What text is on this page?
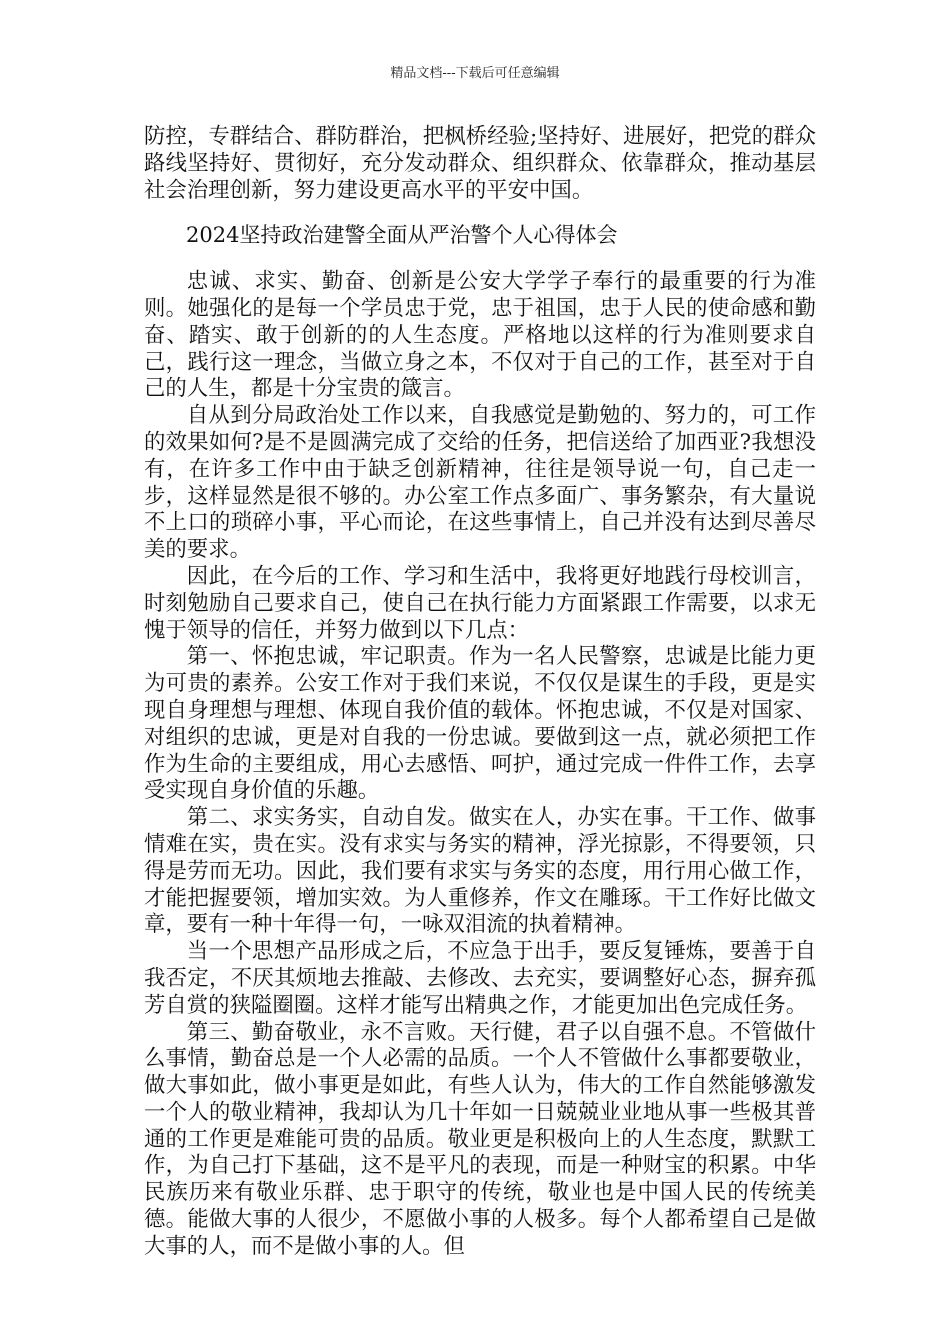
精品文档---下载后可任意编辑

防控，专群结合、群防群治，把枫桥经验;坚持好、进展好，把党的群众路线坚持好、贯彻好，充分发动群众、组织群众、依靠群众，推动基层社会治理创新，努力建设更高水平的平安中国。

2024坚持政治建警全面从严治警个人心得体会

忠诚、求实、勤奋、创新是公安大学学子奉行的最重要的行为准则。她强化的是每一个学员忠于党，忠于祖国，忠于人民的使命感和勤奋、踏实、敢于创新的的人生态度。严格地以这样的行为准则要求自己，践行这一理念，当做立身之本，不仅对于自己的工作，甚至对于自己的人生，都是十分宝贵的箴言。

自从到分局政治处工作以来，自我感觉是勤勉的、努力的，可工作的效果如何?是不是圆满完成了交给的任务，把信送给了加西亚?我想没有，在许多工作中由于缺乏创新精神，往往是领导说一句，自己走一步，这样显然是很不够的。办公室工作点多面广、事务繁杂，有大量说不上口的琐碎小事，平心而论，在这些事情上，自己并没有达到尽善尽美的要求。

因此，在今后的工作、学习和生活中，我将更好地践行母校训言，时刻勉励自己要求自己，使自己在执行能力方面紧跟工作需要，以求无愧于领导的信任，并努力做到以下几点：

第一、怀抱忠诚，牢记职责。作为一名人民警察，忠诚是比能力更为可贵的素养。公安工作对于我们来说，不仅仅是谋生的手段，更是实现自身理想与理想、体现自我价值的载体。怀抱忠诚，不仅是对国家、对组织的忠诚，更是对自我的一份忠诚。要做到这一点，就必须把工作作为生命的主要组成，用心去感悟、呵护，通过完成一件件工作，去享受实现自身价值的乐趣。

第二、求实务实，自动自发。做实在人，办实在事。干工作、做事情难在实，贵在实。没有求实与务实的精神，浮光掠影，不得要领，只得是劳而无功。因此，我们要有求实与务实的态度，用行用心做工作，才能把握要领，增加实效。为人重修养，作文在雕琢。干工作好比做文章，要有一种十年得一句，一咏双泪流的执着精神。

当一个思想产品形成之后，不应急于出手，要反复锤炼，要善于自我否定，不厌其烦地去推敲、去修改、去充实，要调整好心态，摒弃孤芳自赏的狭隘圈圈。这样才能写出精典之作，才能更加出色完成任务。

第三、勤奋敬业，永不言败。天行健，君子以自强不息。不管做什么事情，勤奋总是一个人必需的品质。一个人不管做什么事都要敬业，做大事如此，做小事更是如此，有些人认为，伟大的工作自然能够激发一个人的敬业精神，我却认为几十年如一日兢兢业业地从事一些极其普通的工作更是难能可贵的品质。敬业更是积极向上的人生态度，默默工作，为自己打下基础，这不是平凡的表现，而是一种财宝的积累。中华民族历来有敬业乐群、忠于职守的传统，敬业也是中国人民的传统美德。能做大事的人很少，不愿做小事的人极多。每个人都希望自己是做大事的人，而不是做小事的人。但
